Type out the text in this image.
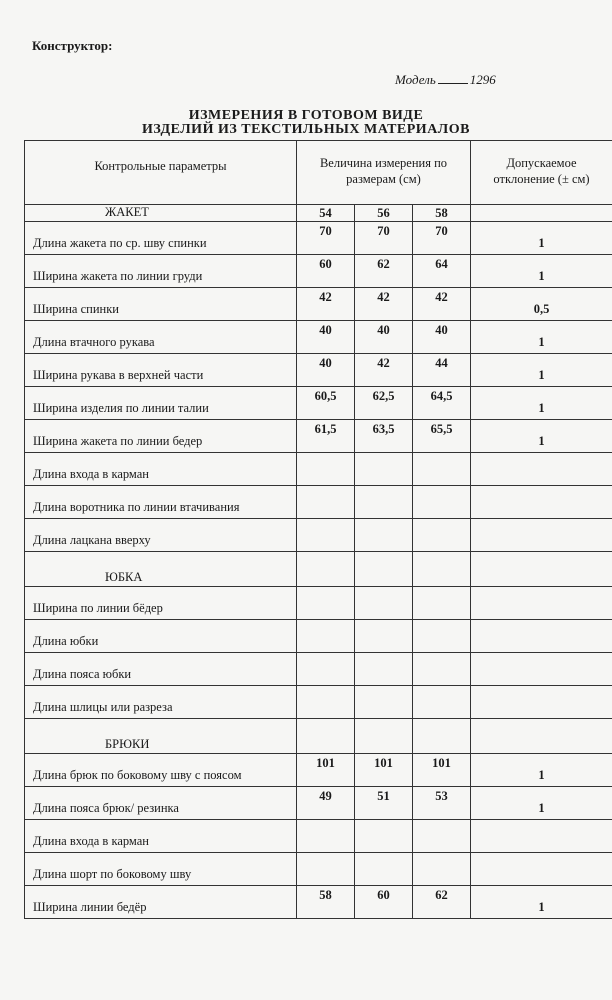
Конструктор:
Модель	1296
ИЗМЕРЕНИЯ В ГОТОВОМ ВИДЕ
ИЗДЕЛИЙ ИЗ ТЕКСТИЛЬНЫХ МАТЕРИАЛОВ
Контрольные параметры	Величина измерения по
размерам (см)			Допускаемое
отклонение (± см)
ЖАКЕТ	54	56	58	
Длина жакета по ср. шву спинки	70	70	70	1
Ширина жакета по линии груди	60	62	64	1
Ширина спинки	42	42	42	0,5
Длина втачного рукава	40	40	40	1
Ширина рукава в верхней части	40	42	44	1
Ширина изделия по линии талии	60,5	62,5	64,5	1
Ширина жакета по линии бедер	61,5	63,5	65,5	1
Длина входа в карман				
Длина воротника по линии втачивания				
Длина лацкана вверху				
ЮБКА				
Ширина по линии бёдер				
Длина юбки				
Длина пояса юбки				
Длина шлицы или разреза				
БРЮКИ				
Длина брюк по боковому шву с поясом	101	101	101	1
Длина пояса брюк/ резинка	49	51	53	1
Длина входа в карман				
Длина шорт по боковому шву				
Ширина линии бедёр	58	60	62	1
